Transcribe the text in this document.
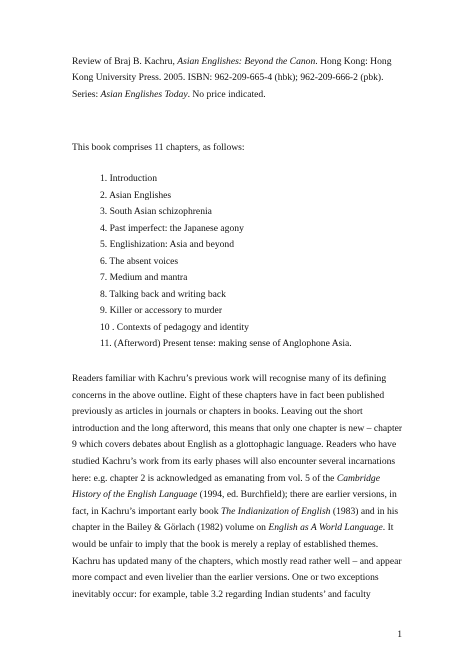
Review of Braj B. Kachru, Asian Englishes: Beyond the Canon. Hong Kong: Hong
Kong University Press. 2005. ISBN: 962-209-665-4 (hbk); 962-209-666-2 (pbk).
Series: Asian Englishes Today. No price indicated.

This book comprises 11 chapters, as follows:

1. Introduction
2. Asian Englishes
3. South Asian schizophrenia
4. Past imperfect: the Japanese agony
5. Englishization: Asia and beyond
6. The absent voices
7. Medium and mantra
8. Talking back and writing back
9. Killer or accessory to murder
10 . Contexts of pedagogy and identity
11. (Afterword) Present tense: making sense of Anglophone Asia.
Readers familiar with Kachru’s previous work will recognise many of its defining
concerns in the above outline. Eight of these chapters have in fact been published
previously as articles in journals or chapters in books. Leaving out the short
introduction and the long afterword, this means that only one chapter is new – chapter
9 which covers debates about English as a glottophagic language. Readers who have
studied Kachru’s work from its early phases will also encounter several incarnations
here: e.g. chapter 2 is acknowledged as emanating from vol. 5 of the Cambridge
History of the English Language (1994, ed. Burchfield); there are earlier versions, in
fact, in Kachru’s important early book The Indianization of English (1983) and in his
chapter in the Bailey & Görlach (1982) volume on English as A World Language. It
would be unfair to imply that the book is merely a replay of established themes.
Kachru has updated many of the chapters, which mostly read rather well – and appear
more compact and even livelier than the earlier versions. One or two exceptions
inevitably occur: for example, table 3.2 regarding Indian students’ and faculty
1
